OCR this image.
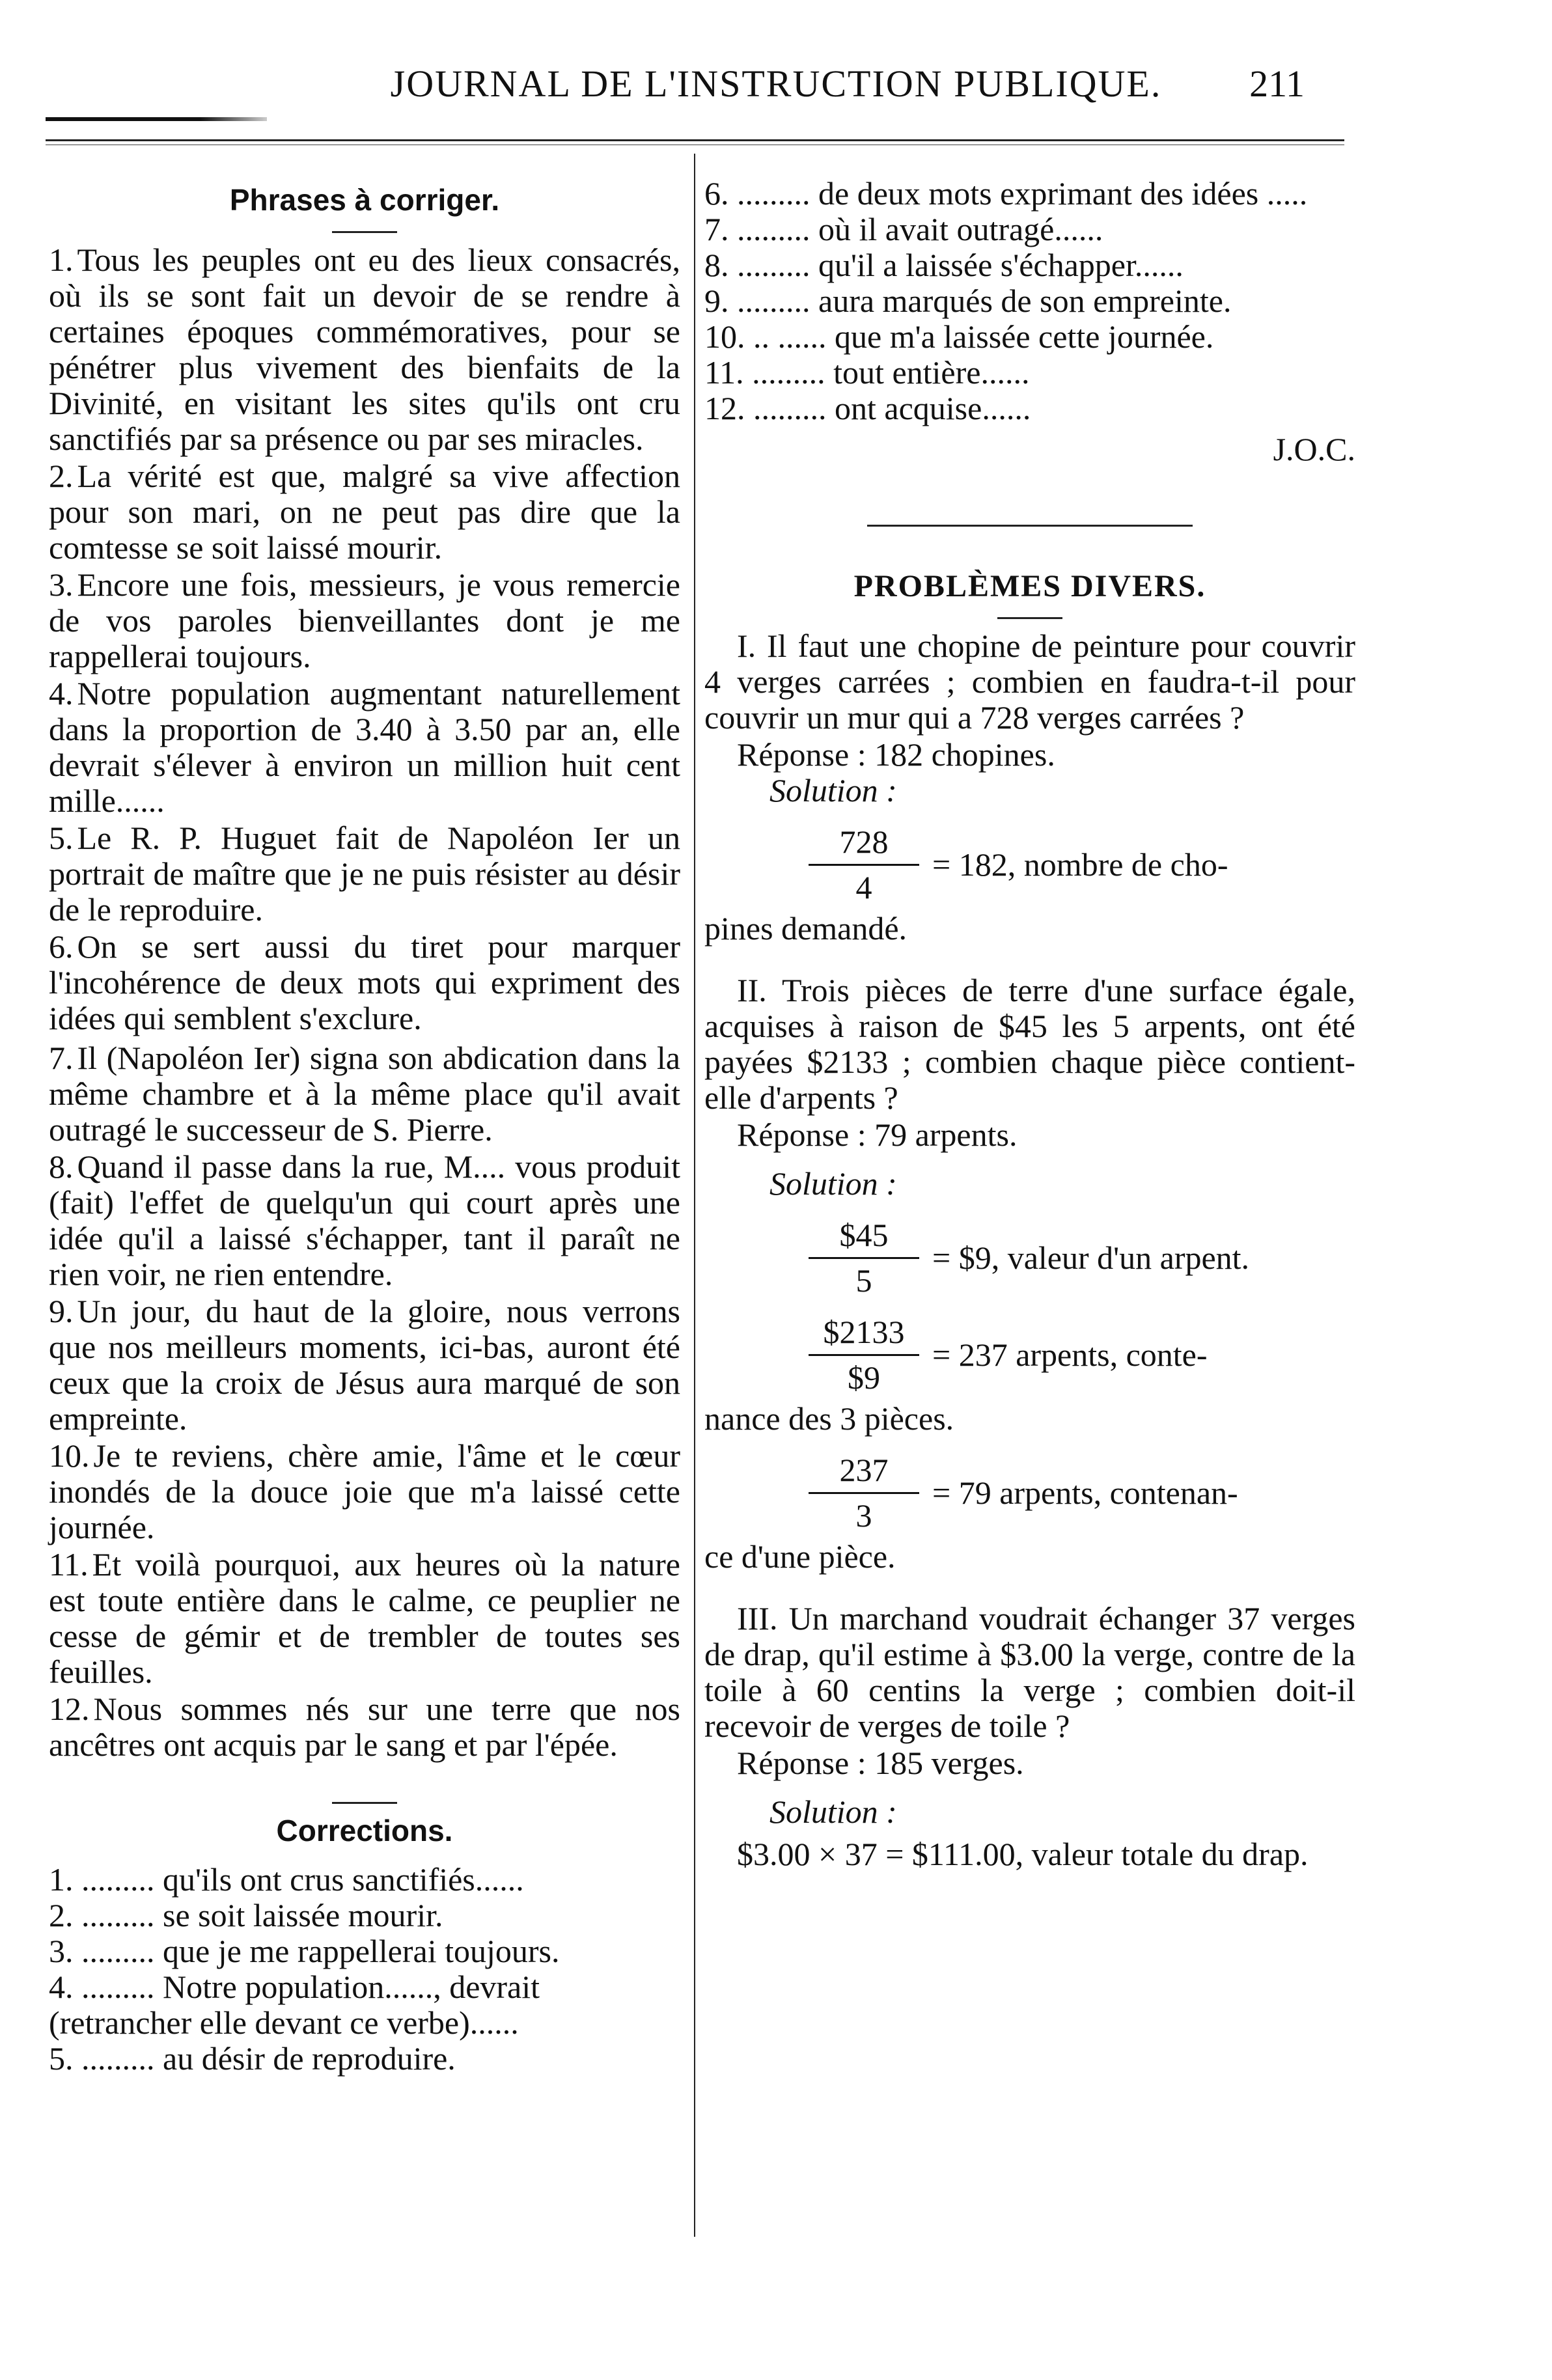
JOURNAL DE L'INSTRUCTION PUBLIQUE.	211
Phrases à corriger.

1. Tous les peuples ont eu des lieux consacrés, où ils se sont fait un devoir de se rendre à certaines époques commémoratives, pour se pénétrer plus vivement des bienfaits de la Divinité, en visitant les sites qu'ils ont cru sanctifiés par sa présence ou par ses miracles.

2. La vérité est que, malgré sa vive affection pour son mari, on ne peut pas dire que la comtesse se soit laissé mourir.

3. Encore une fois, messieurs, je vous remercie de vos paroles bienveillantes dont je me rappellerai toujours.

4. Notre population augmentant naturellement dans la proportion de 3.40 à 3.50 par an, elle devrait s'élever à environ un million huit cent mille......

5. Le R. P. Huguet fait de Napoléon Ier un portrait de maître que je ne puis résister au désir de le reproduire.

6. On se sert aussi du tiret pour marquer l'incohérence de deux mots qui expriment des idées qui semblent s'exclure.

7. Il (Napoléon Ier) signa son abdication dans la même chambre et à la même place qu'il avait outragé le successeur de S. Pierre.

8. Quand il passe dans la rue, M.... vous produit (fait) l'effet de quelqu'un qui court après une idée qu'il a laissé s'échapper, tant il paraît ne rien voir, ne rien entendre.

9. Un jour, du haut de la gloire, nous verrons que nos meilleurs moments, ici-bas, auront été ceux que la croix de Jésus aura marqué de son empreinte.

10. Je te reviens, chère amie, l'âme et le cœur inondés de la douce joie que m'a laissé cette journée.

11. Et voilà pourquoi, aux heures où la nature est toute entière dans le calme, ce peuplier ne cesse de gémir et de trembler de toutes ses feuilles.

12. Nous sommes nés sur une terre que nos ancêtres ont acquis par le sang et par l'épée.

Corrections.

1. ......... qu'ils ont crus sanctifiés......

2. ......... se soit laissée mourir.

3. ......... que je me rappellerai toujours.

4. ......... Notre population......, devrait (retrancher elle devant ce verbe)......

5. ......... au désir de reproduire.

6. ......... de deux mots exprimant des idées .....

7. ......... où il avait outragé......

8. ......... qu'il a laissée s'échapper......

9. ......... aura marqués de son empreinte.

10. .. ...... que m'a laissée cette journée.

11. ......... tout entière......

12. ......... ont acquise......

J.O.C.
PROBLÈMES DIVERS.

I. Il faut une chopine de peinture pour couvrir 4 verges carrées ; combien en faudra-t-il pour couvrir un mur qui a 728 verges carrées ?

Réponse : 182 chopines.

Solution :

728
4
= 182, nombre de cho-

pines demandé.

II. Trois pièces de terre d'une surface égale, acquises à raison de $45 les 5 arpents, ont été payées $2133 ; combien chaque pièce contient-elle d'arpents ?

Réponse : 79 arpents.

Solution :

$45
5
= $9, valeur d'un arpent.
$2133
$9
= 237 arpents, conte-

nance des 3 pièces.

237
3
= 79 arpents, contenan-

ce d'une pièce.

III. Un marchand voudrait échanger 37 verges de drap, qu'il estime à $3.00 la verge, contre de la toile à 60 centins la verge ; combien doit-il recevoir de verges de toile ?

Réponse : 185 verges.

Solution :

$3.00 × 37 = $111.00, valeur totale du drap.
